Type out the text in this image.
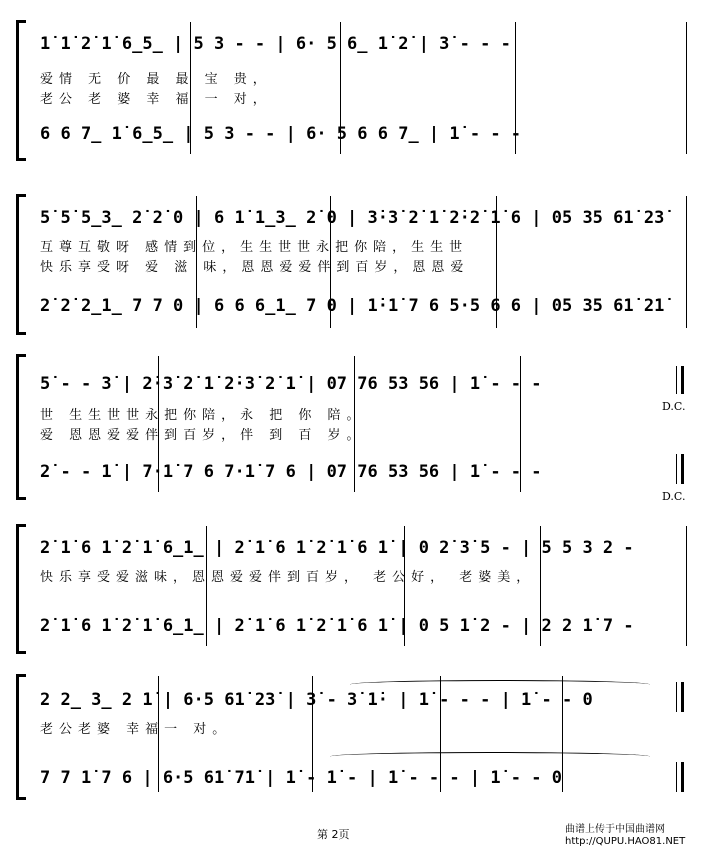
1̇ 1̇ 2̇ 1̇ 6̲5̲ | 5 3 - - | 6· 5 6̲ 1̇ 2̇ | 3̇ - - -
爱情 无 价 最 最 宝 贵，
老公 老 婆 幸 福 一 对，
6 6 7̲ 1̇ 6̲5̲ | 5 3 - - | 6· 5 6 6 7̲ | 1̇ - - -
5̇ 5̇ 5̲3̲ 2̇ 2̇ 0 | 6 1̇ 1̲3̲ 2̇ 0 | 3̇·3̇ 2̇ 1̇ 2̇·2̇ 1̇ 6 | 05 35 61̇ 23̇
互尊互敬呀 感情到位，生生世世永把你陪，生生世
快乐享受呀 爱 滋 味，恩恩爱爱伴到百岁，恩恩爱
2̇ 2̇ 2̲1̲ 7 7 0 | 6 6 6̲1̲ 7 0 | 1̇·1̇ 7 6 5·5 6 6 | 05 35 61̇ 21̇
5̇ - - 3̇ | 2̇·3̇ 2̇ 1̇ 2̇·3̇ 2̇ 1̇ | 07 76 53 56 | 1̇ - - -
世 生生世世永把你陪，永 把 你 陪。
爱 恩恩爱爱伴到百岁，伴 到 百 岁。
D.C.
2̇ - - 1̇ | 7·1̇ 7 6 7·1̇ 7 6 | 07 76 53 56 | 1̇ - - -
D.C.
2̇ 1̇ 6 1̇ 2̇ 1̇ 6̲1̲ | 2̇ 1̇ 6 1̇ 2̇ 1̇ 6 1̇ | 0 2̇ 3̇ 5 - | 5 5 3 2 -
快乐享受爱滋味，恩恩爱爱伴到百岁， 老公好， 老婆美，
2̇ 1̇ 6 1̇ 2̇ 1̇ 6̲1̲ | 2̇ 1̇ 6 1̇ 2̇ 1̇ 6 1̇ | 0 5 1̇ 2 - | 2 2 1̇ 7 -
2 2̲ 3̲ 2 1̇ | 6·5 61̇ 23̇ | 3̇ - 3̇ 1̇· | 1̇ - - - | 1̇ - - 0
老公老婆 幸福一 对。
7 7 1̇ 7 6 | 6·5 61̇ 71̇ | 1̇ - 1̇ - | 1̇ - - - | 1̇ - - 0
第 2页	曲谱上传于中国曲谱网
http://QUPU.HAO81.NET
